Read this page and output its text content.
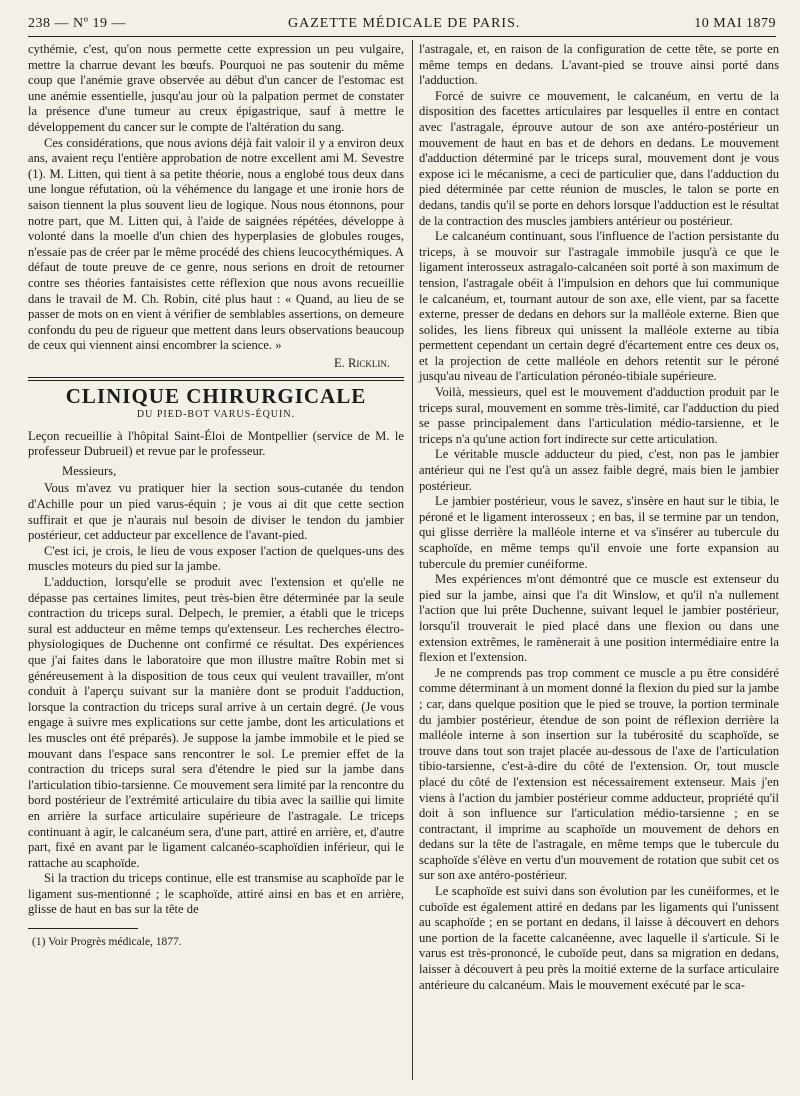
238 — Nº 19 —	GAZETTE MÉDICALE DE PARIS.	10 MAI 1879

cythémie, c'est, qu'on nous permette cette expression un peu vulgaire, mettre la charrue devant les bœufs. Pourquoi ne pas soutenir du même coup que l'anémie grave observée au début d'un cancer de l'estomac est une anémie essentielle, jusqu'au jour où la palpation permet de constater la présence d'une tumeur au creux épigastrique, sauf à mettre le développement du cancer sur le compte de l'altération du sang.

Ces considérations, que nous avions déjà fait valoir il y a environ deux ans, avaient reçu l'entière approbation de notre excellent ami M. Sevestre (1). M. Litten, qui tient à sa petite théorie, nous a englobé tous deux dans une longue réfutation, où la véhémence du langage et une ironie hors de saison tiennent la plus souvent lieu de logique. Nous nous étonnons, pour notre part, que M. Litten qui, à l'aide de saignées répétées, développe à volonté dans la moelle d'un chien des hyperplasies de globules rouges, n'essaie pas de créer par le même procédé des chiens leucocythémiques. A défaut de toute preuve de ce genre, nous serions en droit de retourner contre ses théories fantaisistes cette réflexion que nous avons recueillie dans le travail de M. Ch. Robin, cité plus haut : « Quand, au lieu de se passer de mots on en vient à vérifier de semblables assertions, on demeure confondu du peu de rigueur que mettent dans leurs observations beaucoup de ceux qui viennent ainsi encombrer la science. »

E. Ricklin.
CLINIQUE CHIRURGICALE
DU PIED-BOT VARUS-ÉQUIN.

Leçon recueillie à l'hôpital Saint-Éloi de Montpellier (service de M. le professeur Dubrueil) et revue par le professeur.

Messieurs,

Vous m'avez vu pratiquer hier la section sous-cutanée du tendon d'Achille pour un pied varus-équin ; je vous ai dit que cette section suffirait et que je n'aurais nul besoin de diviser le tendon du jambier postérieur, cet adducteur par excellence de l'avant-pied.

C'est ici, je crois, le lieu de vous exposer l'action de quelques-uns des muscles moteurs du pied sur la jambe.

L'adduction, lorsqu'elle se produit avec l'extension et qu'elle ne dépasse pas certaines limites, peut très-bien être déterminée par la seule contraction du triceps sural. Delpech, le premier, a établi que le triceps sural est adducteur en même temps qu'extenseur. Les recherches électro-physiologiques de Duchenne ont confirmé ce résultat. Des expériences que j'ai faites dans le laboratoire que mon illustre maître Robin met si généreusement à la disposition de tous ceux qui veulent travailler, m'ont conduit à l'aperçu suivant sur la manière dont se produit l'adduction, lorsque la contraction du triceps sural arrive à un certain degré. (Je vous engage à suivre mes explications sur cette jambe, dont les articulations et les muscles ont été préparés). Je suppose la jambe immobile et le pied se mouvant dans l'espace sans rencontrer le sol. Le premier effet de la contraction du triceps sural sera d'étendre le pied sur la jambe dans l'articulation tibio-tarsienne. Ce mouvement sera limité par la rencontre du bord postérieur de l'extrémité articulaire du tibia avec la saillie qui limite en arrière la surface articulaire supérieure de l'astragale. Le triceps continuant à agir, le calcanéum sera, d'une part, attiré en arrière, et, d'autre part, fixé en avant par le ligament calcanéo-scaphoïdien inférieur, qui le rattache au scaphoïde.

Si la traction du triceps continue, elle est transmise au scaphoïde par le ligament sus-mentionné ; le scaphoïde, attiré ainsi en bas et en arrière, glisse de haut en bas sur la tête de

(1) Voir Progrès médicale, 1877.

l'astragale, et, en raison de la configuration de cette tête, se porte en même temps en dedans. L'avant-pied se trouve ainsi porté dans l'adduction.

Forcé de suivre ce mouvement, le calcanéum, en vertu de la disposition des facettes articulaires par lesquelles il entre en contact avec l'astragale, éprouve autour de son axe antéro-postérieur un mouvement de haut en bas et de dehors en dedans. Le mouvement d'adduction déterminé par le triceps sural, mouvement dont je vous expose ici le mécanisme, a ceci de particulier que, dans l'adduction du pied déterminée par cette réunion de muscles, le talon se porte en dedans, tandis qu'il se porte en dehors lorsque l'adduction est le résultat de la contraction des muscles jambiers antérieur ou postérieur.

Le calcanéum continuant, sous l'influence de l'action persistante du triceps, à se mouvoir sur l'astragale immobile jusqu'à ce que le ligament interosseux astragalo-calcanéen soit porté à son maximum de tension, l'astragale obéit à l'impulsion en dehors que lui communique le calcanéum, et, tournant autour de son axe, elle vient, par sa facette externe, presser de dedans en dehors sur la malléole externe. Bien que solides, les liens fibreux qui unissent la malléole externe au tibia permettent cependant un certain degré d'écartement entre ces deux os, et la projection de cette malléole en dehors retentit sur le péroné jusqu'au niveau de l'articulation péronéo-tibiale supérieure.

Voilà, messieurs, quel est le mouvement d'adduction produit par le triceps sural, mouvement en somme très-limité, car l'adduction du pied se passe principalement dans l'articulation médio-tarsienne, et le triceps n'a qu'une action fort indirecte sur cette articulation.

Le véritable muscle adducteur du pied, c'est, non pas le jambier antérieur qui ne l'est qu'à un assez faible degré, mais bien le jambier postérieur.

Le jambier postérieur, vous le savez, s'insère en haut sur le tibia, le péroné et le ligament interosseux ; en bas, il se termine par un tendon, qui glisse derrière la malléole interne et va s'insérer au tubercule du scaphoïde, en même temps qu'il envoie une forte expansion au tubercule du premier cunéiforme.

Mes expériences m'ont démontré que ce muscle est extenseur du pied sur la jambe, ainsi que l'a dit Winslow, et qu'il n'a nullement l'action que lui prête Duchenne, suivant lequel le jambier postérieur, lorsqu'il trouverait le pied placé dans une flexion ou dans une extension extrêmes, le ramènerait à une position intermédiaire entre la flexion et l'extension.

Je ne comprends pas trop comment ce muscle a pu être considéré comme déterminant à un moment donné la flexion du pied sur la jambe ; car, dans quelque position que le pied se trouve, la portion terminale du jambier postérieur, étendue de son point de réflexion derrière la malléole interne à son insertion sur la tubérosité du scaphoïde, se trouve dans tout son trajet placée au-dessous de l'axe de l'articulation tibio-tarsienne, c'est-à-dire du côté de l'extension. Or, tout muscle placé du côté de l'extension est nécessairement extenseur. Mais j'en viens à l'action du jambier postérieur comme adducteur, propriété qu'il doit à son influence sur l'articulation médio-tarsienne ; en se contractant, il imprime au scaphoïde un mouvement de dehors en dedans sur la tête de l'astragale, en même temps que le tubercule du scaphoïde s'élève en vertu d'un mouvement de rotation que subit cet os sur son axe antéro-postérieur.

Le scaphoïde est suivi dans son évolution par les cunéiformes, et le cuboïde est également attiré en dedans par les ligaments qui l'unissent au scaphoïde ; en se portant en dedans, il laisse à découvert en dehors une portion de la facette calcanéenne, avec laquelle il s'articule. Si le varus est très-prononcé, le cuboïde peut, dans sa migration en dedans, laisser à découvert à peu près la moitié externe de la surface articulaire antérieure du calcanéum. Mais le mouvement exécuté par le sca-
